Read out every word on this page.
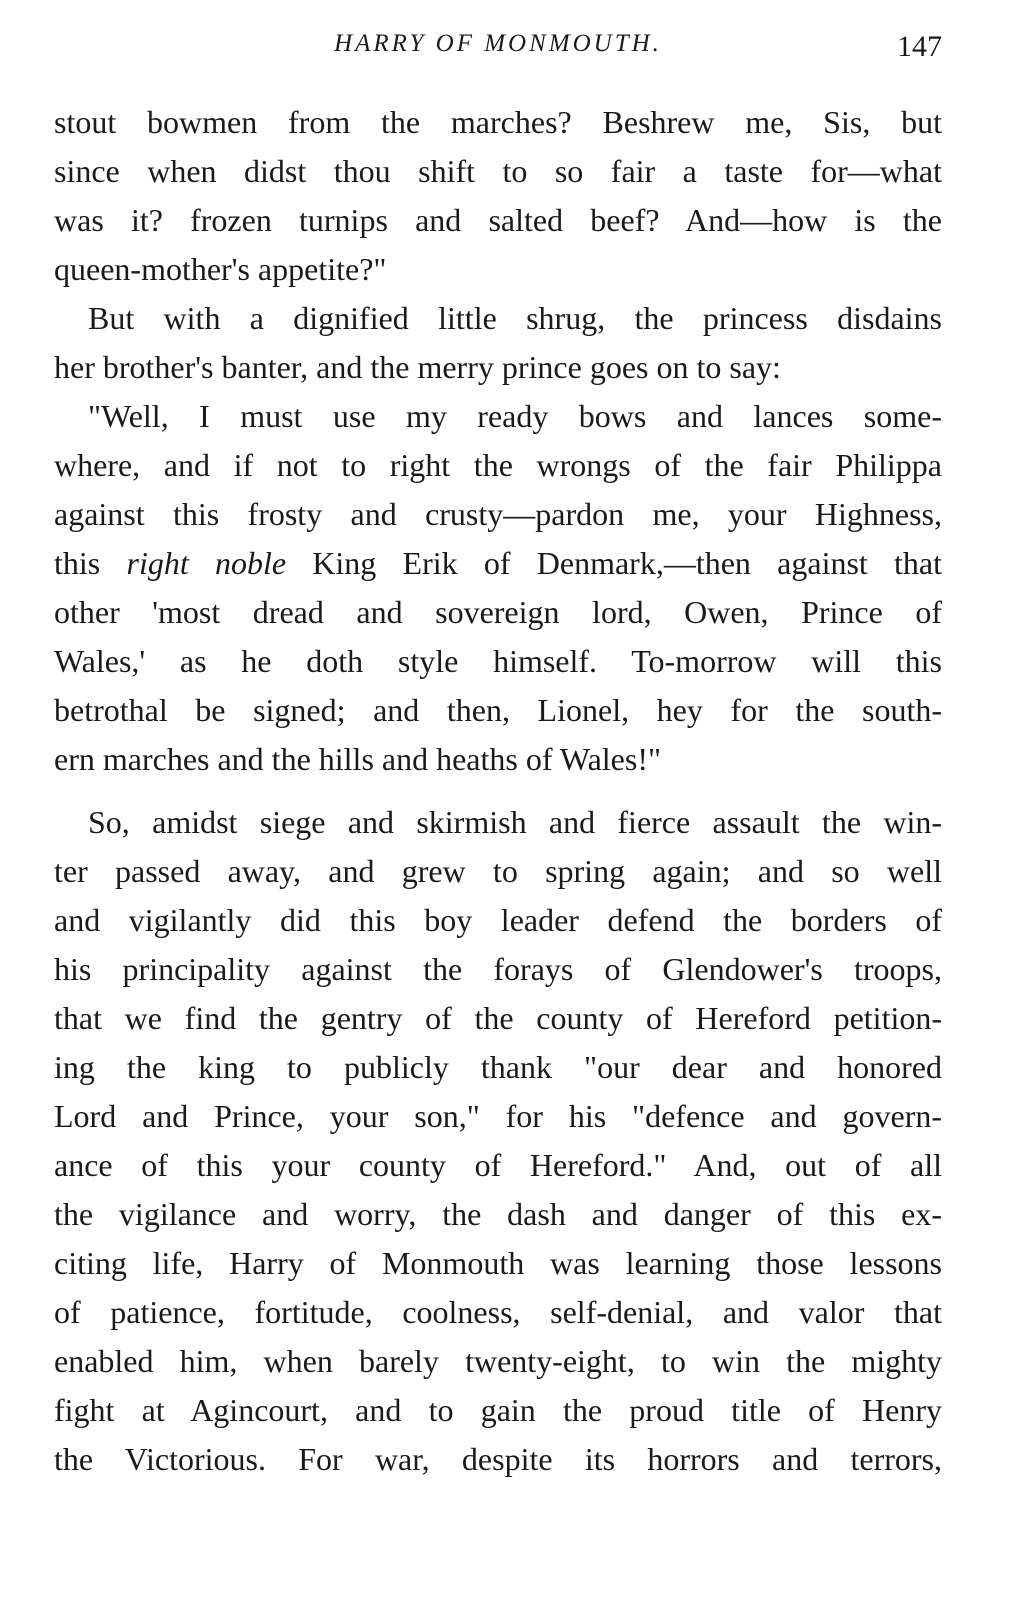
HARRY OF MONMOUTH.	147
stout bowmen from the marches? Beshrew me, Sis, but
since when didst thou shift to so fair a taste for—what
was it? frozen turnips and salted beef? And—how is the
queen-mother's appetite?"
But with a dignified little shrug, the princess disdains
her brother's banter, and the merry prince goes on to say:
"Well, I must use my ready bows and lances some-
where, and if not to right the wrongs of the fair Philippa
against this frosty and crusty—pardon me, your Highness,
this right noble King Erik of Denmark,—then against that
other 'most dread and sovereign lord, Owen, Prince of
Wales,' as he doth style himself. To-morrow will this
betrothal be signed; and then, Lionel, hey for the south-
ern marches and the hills and heaths of Wales!"
So, amidst siege and skirmish and fierce assault the win-
ter passed away, and grew to spring again; and so well
and vigilantly did this boy leader defend the borders of
his principality against the forays of Glendower's troops,
that we find the gentry of the county of Hereford petition-
ing the king to publicly thank "our dear and honored
Lord and Prince, your son," for his "defence and govern-
ance of this your county of Hereford." And, out of all
the vigilance and worry, the dash and danger of this ex-
citing life, Harry of Monmouth was learning those lessons
of patience, fortitude, coolness, self-denial, and valor that
enabled him, when barely twenty-eight, to win the mighty
fight at Agincourt, and to gain the proud title of Henry
the Victorious. For war, despite its horrors and terrors,
